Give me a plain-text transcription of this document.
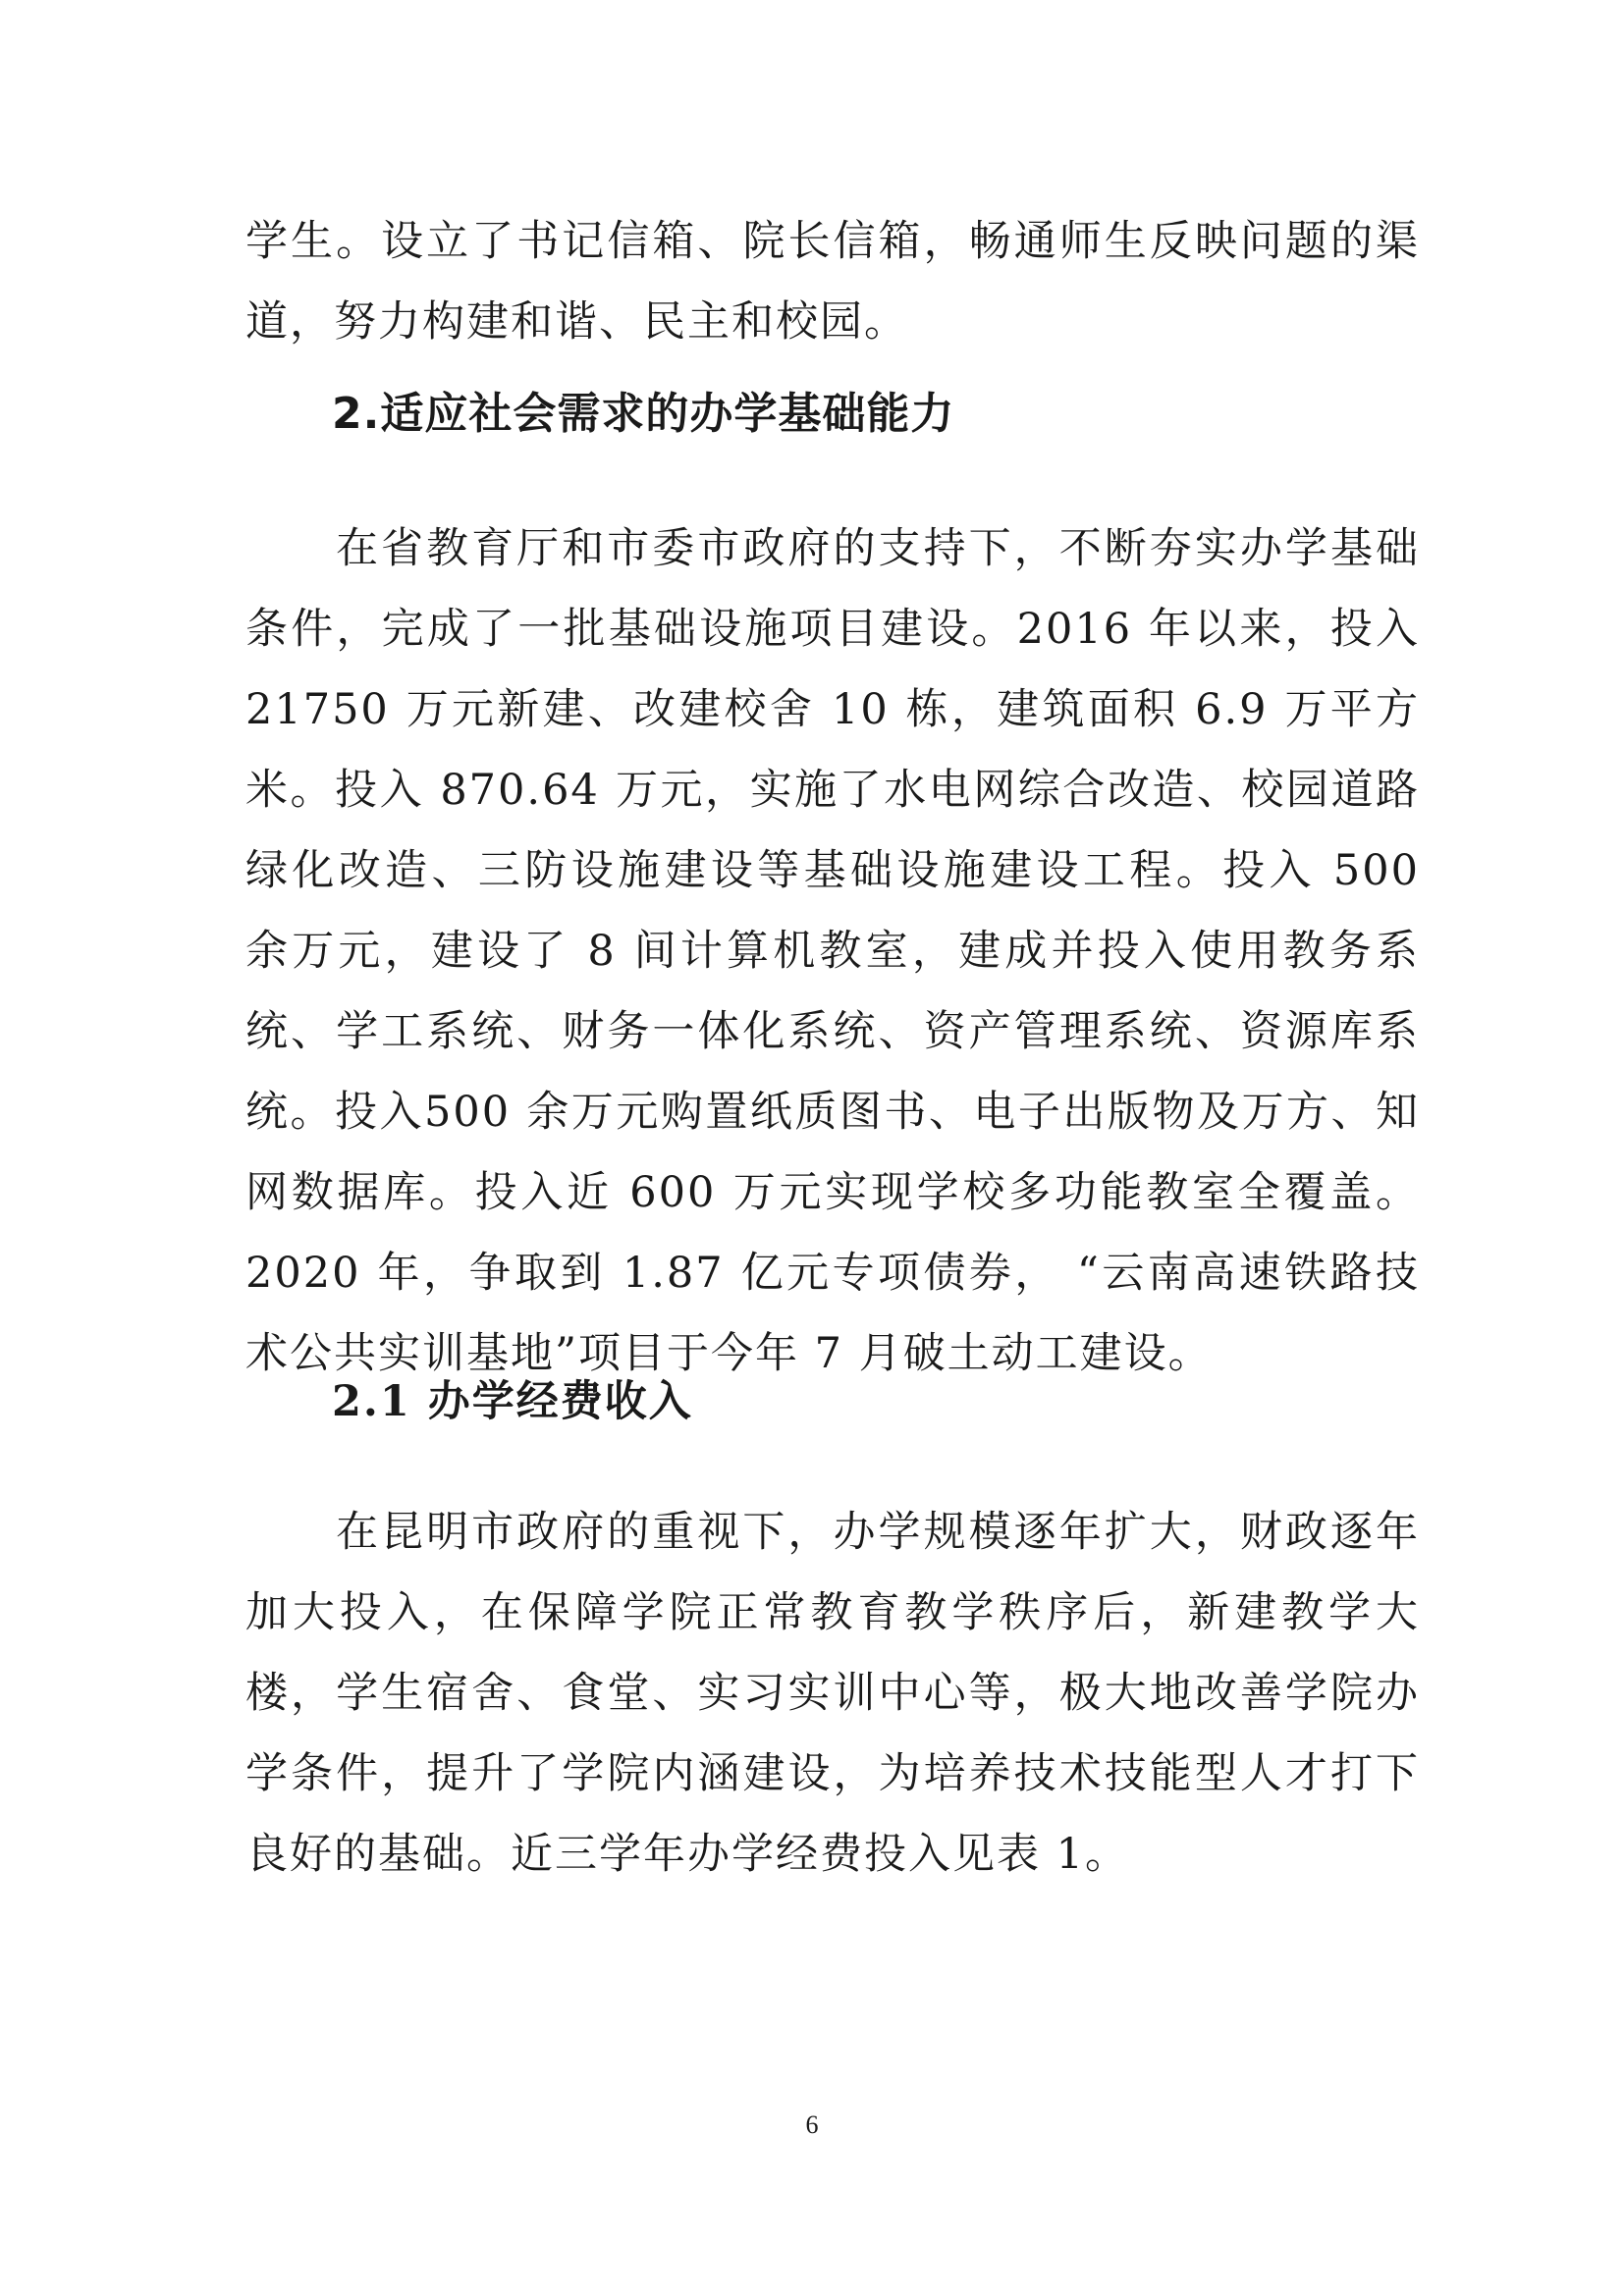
学生。设立了书记信箱、院长信箱，畅通师生反映问题的渠道，努力构建和谐、民主和校园。

2.适应社会需求的办学基础能力

在省教育厅和市委市政府的支持下，不断夯实办学基础条件，完成了一批基础设施项目建设。2016 年以来，投入21750 万元新建、改建校舍 10 栋，建筑面积 6.9 万平方米。投入 870.64 万元，实施了水电网综合改造、校园道路绿化改造、三防设施建设等基础设施建设工程。投入 500 余万元，建设了 8 间计算机教室，建成并投入使用教务系统、学工系统、财务一体化系统、资产管理系统、资源库系统。投入500 余万元购置纸质图书、电子出版物及万方、知网数据库。投入近 600 万元实现学校多功能教室全覆盖。2020 年，争取到 1.87 亿元专项债券， “云南高速铁路技术公共实训基地”项目于今年 7 月破土动工建设。

2.1 办学经费收入

在昆明市政府的重视下，办学规模逐年扩大，财政逐年加大投入，在保障学院正常教育教学秩序后，新建教学大楼，学生宿舍、食堂、实习实训中心等，极大地改善学院办学条件，提升了学院内涵建设，为培养技术技能型人才打下良好的基础。近三学年办学经费投入见表 1。

6
